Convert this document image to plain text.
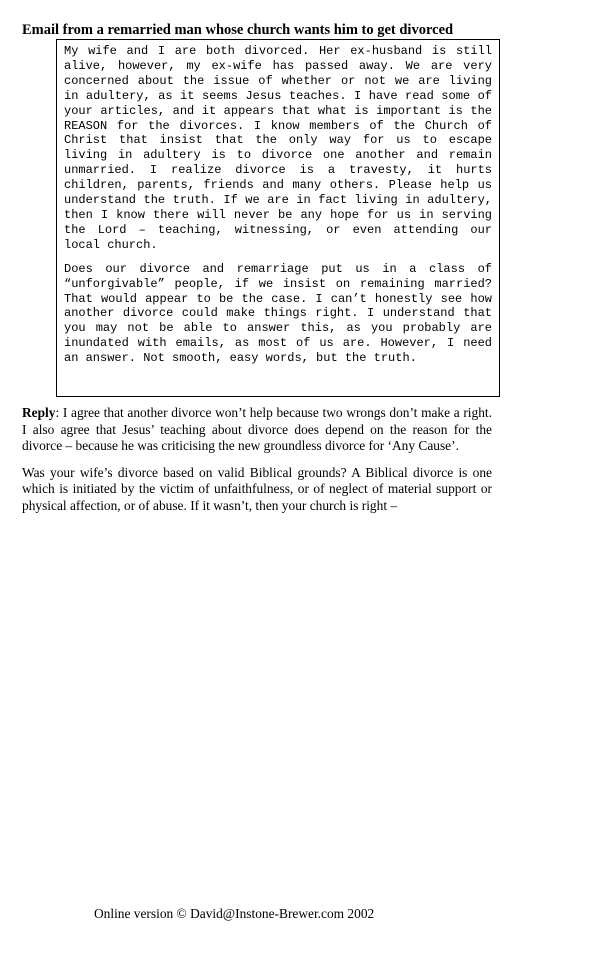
Email from a remarried man whose church wants him to get divorced

My wife and I are both divorced. Her ex-husband is still alive, however, my ex-wife has passed away. We are very concerned about the issue of whether or not we are living in adultery, as it seems Jesus teaches. I have read some of your articles, and it appears that what is important is the REASON for the divorces. I know members of the Church of Christ that insist that the only way for us to escape living in adultery is to divorce one another and remain unmarried. I realize divorce is a travesty, it hurts children, parents, friends and many others. Please help us understand the truth. If we are in fact living in adultery, then I know there will never be any hope for us in serving the Lord – teaching, witnessing, or even attending our local church.

Does our divorce and remarriage put us in a class of “unforgivable” people, if we insist on remaining married? That would appear to be the case. I can’t honestly see how another divorce could make things right. I understand that you may not be able to answer this, as you probably are inundated with emails, as most of us are. However, I need an answer. Not smooth, easy words, but the truth.

Reply: I agree that another divorce won’t help because two wrongs don’t make a right. I also agree that Jesus’ teaching about divorce does depend on the reason for the divorce – because he was criticising the new groundless divorce for ‘Any Cause’.

Was your wife’s divorce based on valid Biblical grounds? A Biblical divorce is one which is initiated by the victim of unfaithfulness, or of neglect of material support or physical affection, or of abuse. If it wasn’t, then your church is right –

Online version © David@Instone-Brewer.com 2002
